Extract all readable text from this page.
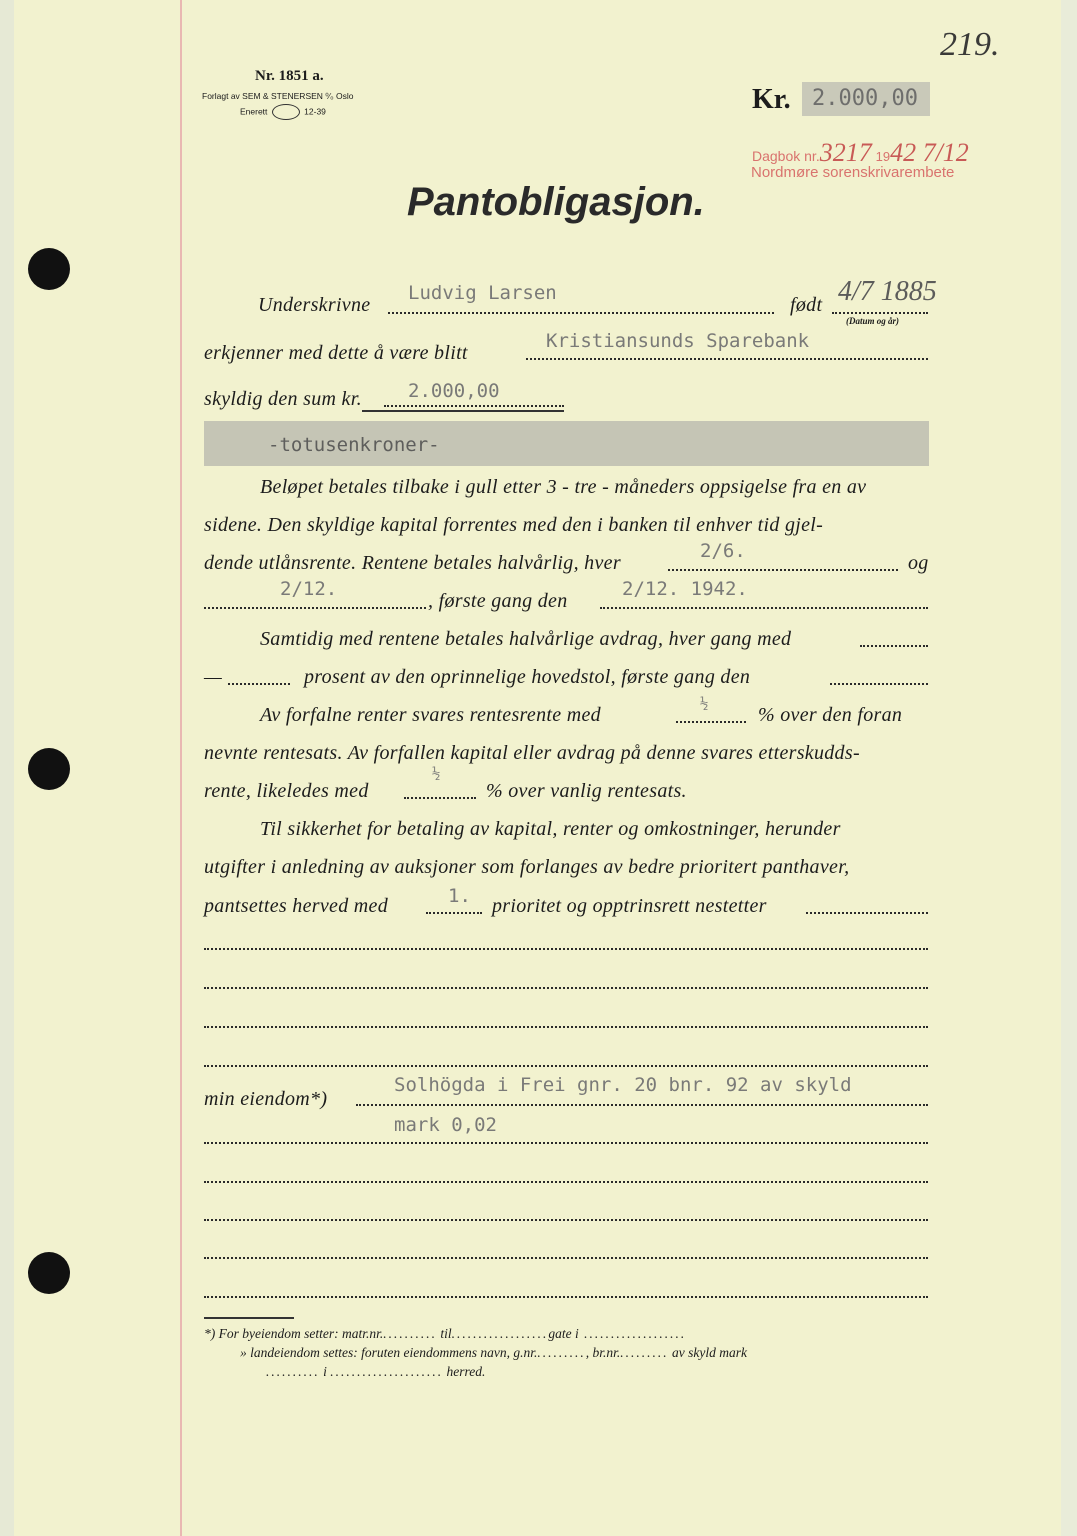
219.
Nr. 1851 a.
Forlagt av SEM & STENERSEN ⁰⁄₀ Oslo
Enerett	12-39	Kr. 2.000,00
Dagbok nr.3217 1942 7/12
Nordmøre sorenskrivarembete
Pantobligasjon.
Underskrivne
Ludvig Larsen
født 4/7 1885
(Datum og år)
erkjenner med dette å være blitt
Kristiansunds Sparebank
skyldig den sum kr. 2.000,00
-totusenkroner-
Beløpet betales tilbake i gull etter 3 - tre - måneders oppsigelse fra en av
sidene. Den skyldige kapital forrentes med den i banken til enhver tid gjel-
dende utlånsrente. Rentene betales halvårlig, hver
2/6.
og
2/12.
, første gang den
2/12. 1942.
Samtidig med rentene betales halvårlige avdrag, hver gang med
—	prosent av den oprinnelige hovedstol, første gang den
Av forfalne renter svares rentesrente med	½ % over den foran
nevnte rentesats. Av forfallen kapital eller avdrag på denne svares etterskudds-
rente, likeledes med
½
% over vanlig rentesats.
Til sikkerhet for betaling av kapital, renter og omkostninger, herunder
utgifter i anledning av auksjoner som forlanges av bedre prioritert panthaver,
pantsettes herved med	1. prioritet og opptrinsrett nestetter
min eiendom*)
Solhögda i Frei gnr. 20 bnr. 92 av skyld
mark 0,02
*) For byeiendom setter: matr.nr........... til..................gate i ...................
» landeiendom settes: foruten eiendommens navn, g.nr.........., br.nr.......... av skyld mark
.......... i ..................... herred.
